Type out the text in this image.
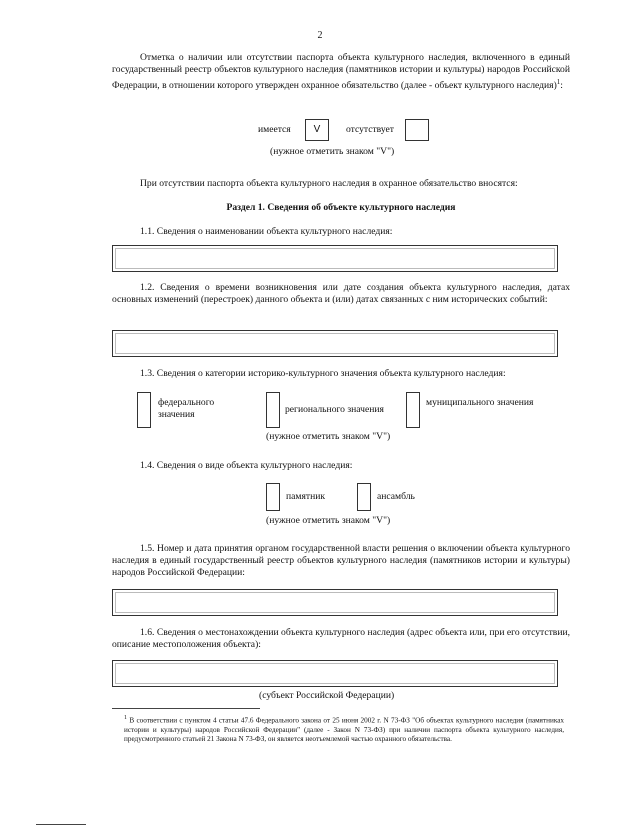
2
Отметка о наличии или отсутствии паспорта объекта культурного наследия, включенного в единый государственный реестр объектов культурного наследия (памятников истории и культуры) народов Российской Федерации, в отношении которого утвержден охранное обязательство (далее - объект культурного наследия)$^1$:
имеется	V	отсутствует
(нужное отметить знаком "V")
При отсутствии паспорта объекта культурного наследия в охранное обязательство вносятся:
Раздел 1. Сведения об объекте культурного наследия
1.1. Сведения о наименовании объекта культурного наследия:
1.2. Сведения о времени возникновения или дате создания объекта культурного наследия, датах основных изменений (перестроек) данного объекта и (или) датах связанных с ним исторических событий:
1.3. Сведения о категории историко-культурного значения объекта культурного наследия:
федерального значения	регионального значения
муниципального значения
(нужное отметить знаком "V")
1.4. Сведения о виде объекта культурного наследия:
памятник	ансамбль
(нужное отметить знаком "V")
1.5. Номер и дата принятия органом государственной власти решения о включении объекта культурного наследия в единый государственный реестр объектов культурного наследия (памятников истории и культуры) народов Российской Федерации:
1.6. Сведения о местонахождении объекта культурного наследия (адрес объекта или, при его отсутствии, описание местоположения объекта):
(субъект Российской Федерации)
$^1$ В соответствии с пунктом 4 статьи 47.6 Федерального закона от 25 июня 2002 г. N 73-ФЗ "Об объектах культурного наследия (памятниках истории и культуры) народов Российской Федерации" (далее - Закон N 73-ФЗ) при наличии паспорта объекта культурного наследия, предусмотренного статьей 21 Закона N 73-ФЗ, он является неотъемлемой частью охранного обязательства.
